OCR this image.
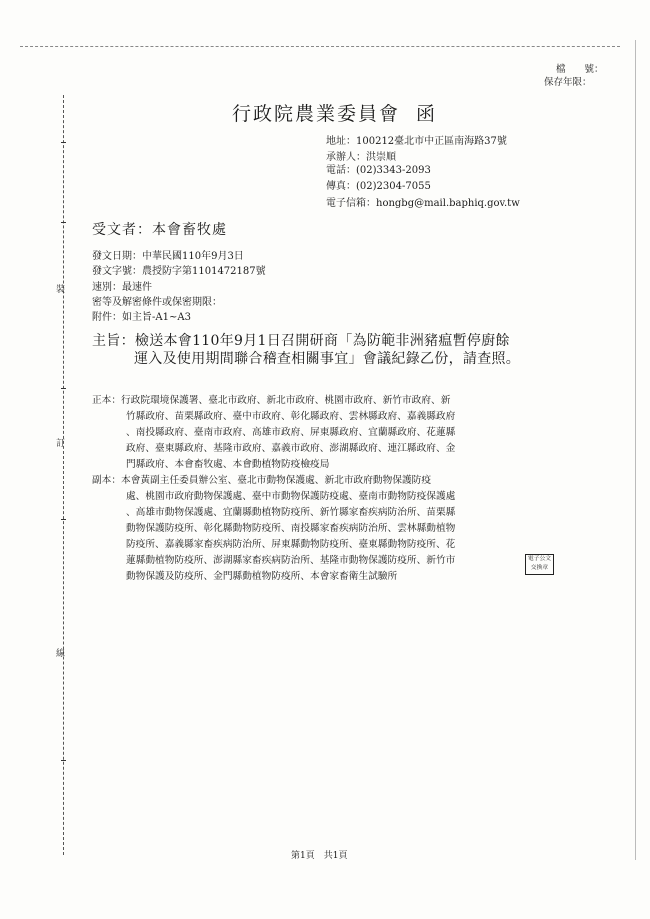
裝
訂
線
檔　　號：
保存年限：
行政院農業委員會 函
地址：100212臺北市中正區南海路37號
承辦人：洪崇順
電話：(02)3343-2093
傳真：(02)2304-7055
電子信箱：hongbg@mail.baphiq.gov.tw
受文者：本會畜牧處
發文日期：中華民國110年9月3日
發文字號：農授防字第1101472187號
速別：最速件
密等及解密條件或保密期限：
附件：如主旨-A1~A3
主旨：檢送本會110年9月1日召開研商「為防範非洲豬瘟暫停廚餘
運入及使用期間聯合稽查相關事宜」會議紀錄乙份，請查照。
正本：行政院環境保護署、臺北市政府、新北市政府、桃園市政府、新竹市政府、新
竹縣政府、苗栗縣政府、臺中市政府、彰化縣政府、雲林縣政府、嘉義縣政府
、南投縣政府、臺南市政府、高雄市政府、屏東縣政府、宜蘭縣政府、花蓮縣
政府、臺東縣政府、基隆市政府、嘉義市政府、澎湖縣政府、連江縣政府、金
門縣政府、本會畜牧處、本會動植物防疫檢疫局
副本：本會黃副主任委員辦公室、臺北市動物保護處、新北市政府動物保護防疫
處、桃園市政府動物保護處、臺中市動物保護防疫處、臺南市動物防疫保護處
、高雄市動物保護處、宜蘭縣動植物防疫所、新竹縣家畜疾病防治所、苗栗縣
動物保護防疫所、彰化縣動物防疫所、南投縣家畜疾病防治所、雲林縣動植物
防疫所、嘉義縣家畜疾病防治所、屏東縣動物防疫所、臺東縣動物防疫所、花
蓮縣動植物防疫所、澎湖縣家畜疾病防治所、基隆市動物保護防疫所、新竹市
動物保護及防疫所、金門縣動植物防疫所、本會家畜衛生試驗所
電子公文
交換章
第1頁　共1頁
